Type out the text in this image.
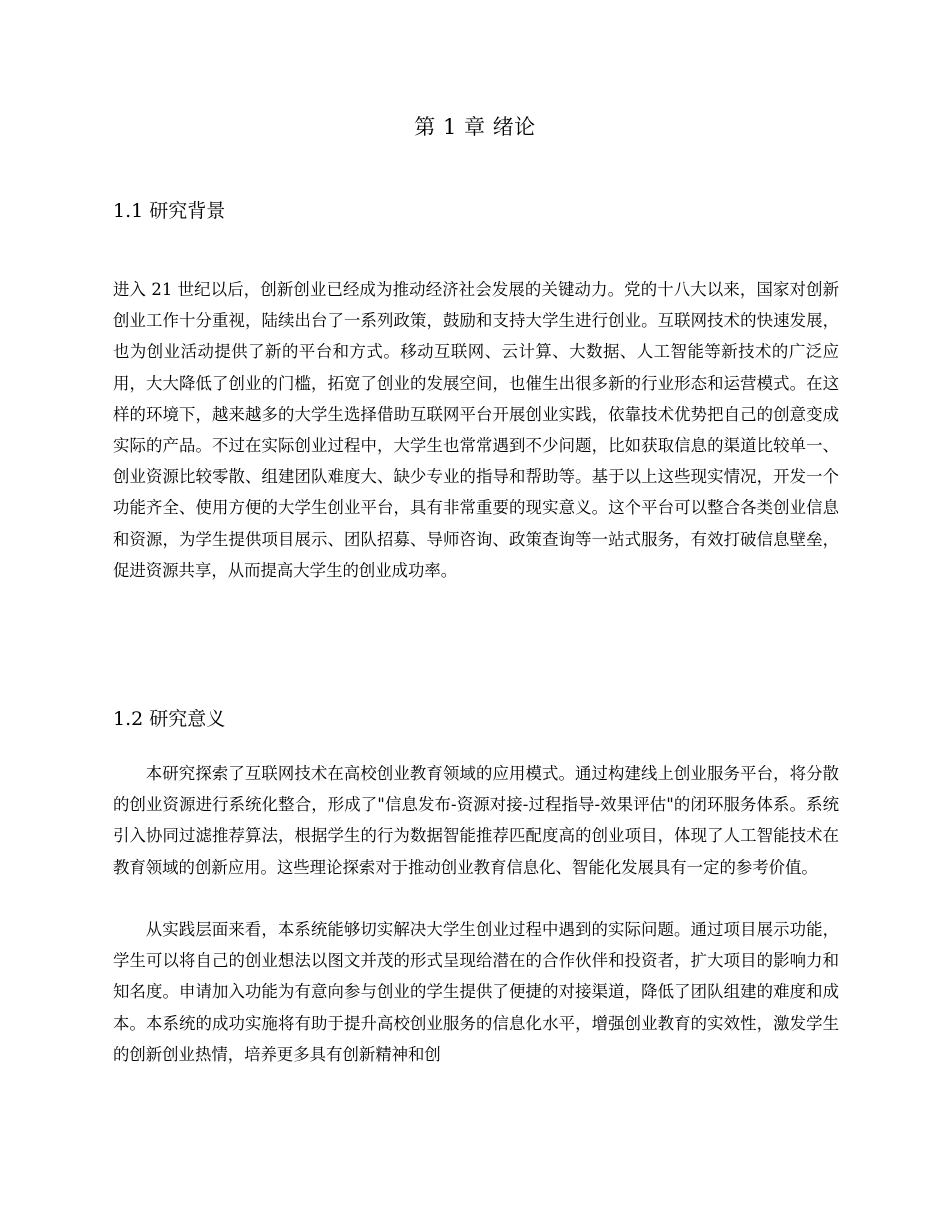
第 1 章 绪论
1.1 研究背景

进入 21 世纪以后，创新创业已经成为推动经济社会发展的关键动力。党的十八大以来，国家对创新创业工作十分重视，陆续出台了一系列政策，鼓励和支持大学生进行创业。互联网技术的快速发展，也为创业活动提供了新的平台和方式。移动互联网、云计算、大数据、人工智能等新技术的广泛应用，大大降低了创业的门槛，拓宽了创业的发展空间，也催生出很多新的行业形态和运营模式。在这样的环境下，越来越多的大学生选择借助互联网平台开展创业实践，依靠技术优势把自己的创意变成实际的产品。不过在实际创业过程中，大学生也常常遇到不少问题，比如获取信息的渠道比较单一、创业资源比较零散、组建团队难度大、缺少专业的指导和帮助等。基于以上这些现实情况，开发一个功能齐全、使用方便的大学生创业平台，具有非常重要的现实意义。这个平台可以整合各类创业信息和资源，为学生提供项目展示、团队招募、导师咨询、政策查询等一站式服务，有效打破信息壁垒，促进资源共享，从而提高大学生的创业成功率。

1.2 研究意义

本研究探索了互联网技术在高校创业教育领域的应用模式。通过构建线上创业服务平台，将分散的创业资源进行系统化整合，形成了"信息发布-资源对接-过程指导-效果评估"的闭环服务体系。系统引入协同过滤推荐算法，根据学生的行为数据智能推荐匹配度高的创业项目，体现了人工智能技术在教育领域的创新应用。这些理论探索对于推动创业教育信息化、智能化发展具有一定的参考价值。

从实践层面来看，本系统能够切实解决大学生创业过程中遇到的实际问题。通过项目展示功能，学生可以将自己的创业想法以图文并茂的形式呈现给潜在的合作伙伴和投资者，扩大项目的影响力和知名度。申请加入功能为有意向参与创业的学生提供了便捷的对接渠道，降低了团队组建的难度和成本。本系统的成功实施将有助于提升高校创业服务的信息化水平，增强创业教育的实效性，激发学生的创新创业热情，培养更多具有创新精神和创
